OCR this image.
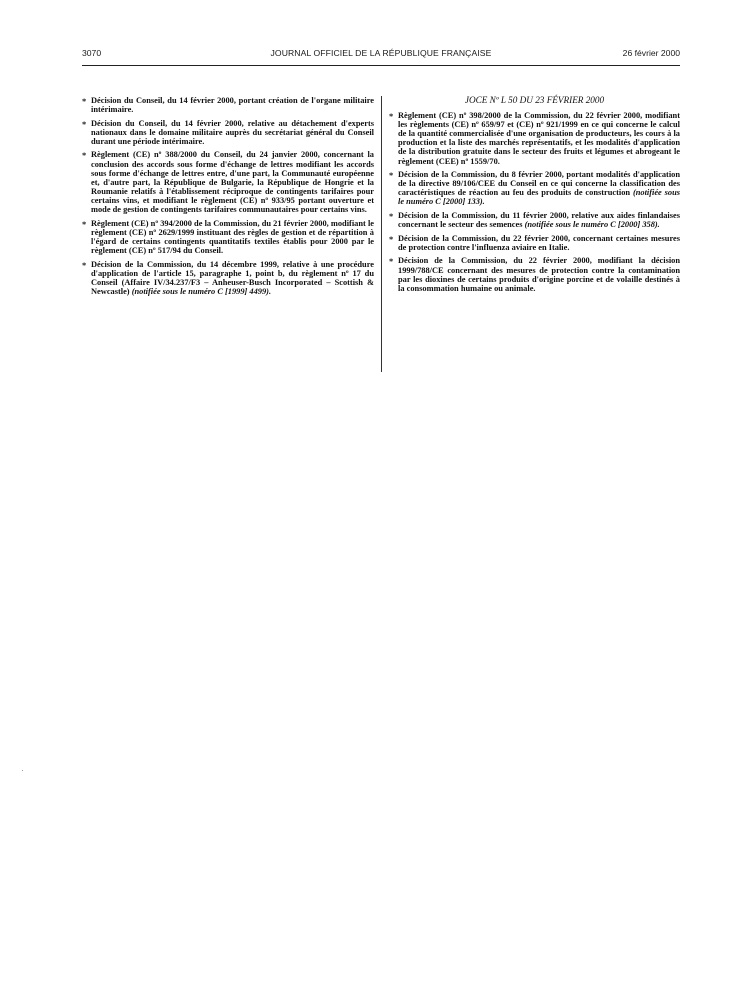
3070	JOURNAL OFFICIEL DE LA RÉPUBLIQUE FRANÇAISE	26 février 2000

* Décision du Conseil, du 14 février 2000, portant création de l'organe militaire intérimaire.

* Décision du Conseil, du 14 février 2000, relative au détachement d'experts nationaux dans le domaine militaire auprès du secrétariat général du Conseil durant une période intérimaire.

* Règlement (CE) nº 388/2000 du Conseil, du 24 janvier 2000, concernant la conclusion des accords sous forme d'échange de lettres modifiant les accords sous forme d'échange de lettres entre, d'une part, la Communauté européenne et, d'autre part, la République de Bulgarie, la République de Hongrie et la Roumanie relatifs à l'établissement réciproque de contingents tarifaires pour certains vins, et modifiant le règlement (CE) nº 933/95 portant ouverture et mode de gestion de contingents tarifaires communautaires pour certains vins.

* Règlement (CE) nº 394/2000 de la Commission, du 21 février 2000, modifiant le règlement (CE) nº 2629/1999 instituant des règles de gestion et de répartition à l'égard de certains contingents quantitatifs textiles établis pour 2000 par le règlement (CE) nº 517/94 du Conseil.

* Décision de la Commission, du 14 décembre 1999, relative à une procédure d'application de l'article 15, paragraphe 1, point b, du règlement nº 17 du Conseil (Affaire IV/34.237/F3 – Anheuser-Busch Incorporated – Scottish & Newcastle) (notifiée sous le numéro C [1999] 4499).

JOCE Nº L 50 DU 23 FÉVRIER 2000

* Règlement (CE) nº 398/2000 de la Commission, du 22 février 2000, modifiant les règlements (CE) nº 659/97 et (CE) nº 921/1999 en ce qui concerne le calcul de la quantité commercialisée d'une organisation de producteurs, les cours à la production et la liste des marchés représentatifs, et les modalités d'application de la distribution gratuite dans le secteur des fruits et légumes et abrogeant le règlement (CEE) nº 1559/70.

* Décision de la Commission, du 8 février 2000, portant modalités d'application de la directive 89/106/CEE du Conseil en ce qui concerne la classification des caractéristiques de réaction au feu des produits de construction (notifiée sous le numéro C [2000] 133).

* Décision de la Commission, du 11 février 2000, relative aux aides finlandaises concernant le secteur des semences (notifiée sous le numéro C [2000] 358).

* Décision de la Commission, du 22 février 2000, concernant certaines mesures de protection contre l'influenza aviaire en Italie.

* Décision de la Commission, du 22 février 2000, modifiant la décision 1999/788/CE concernant des mesures de protection contre la contamination par les dioxines de certains produits d'origine porcine et de volaille destinés à la consommation humaine ou animale.
